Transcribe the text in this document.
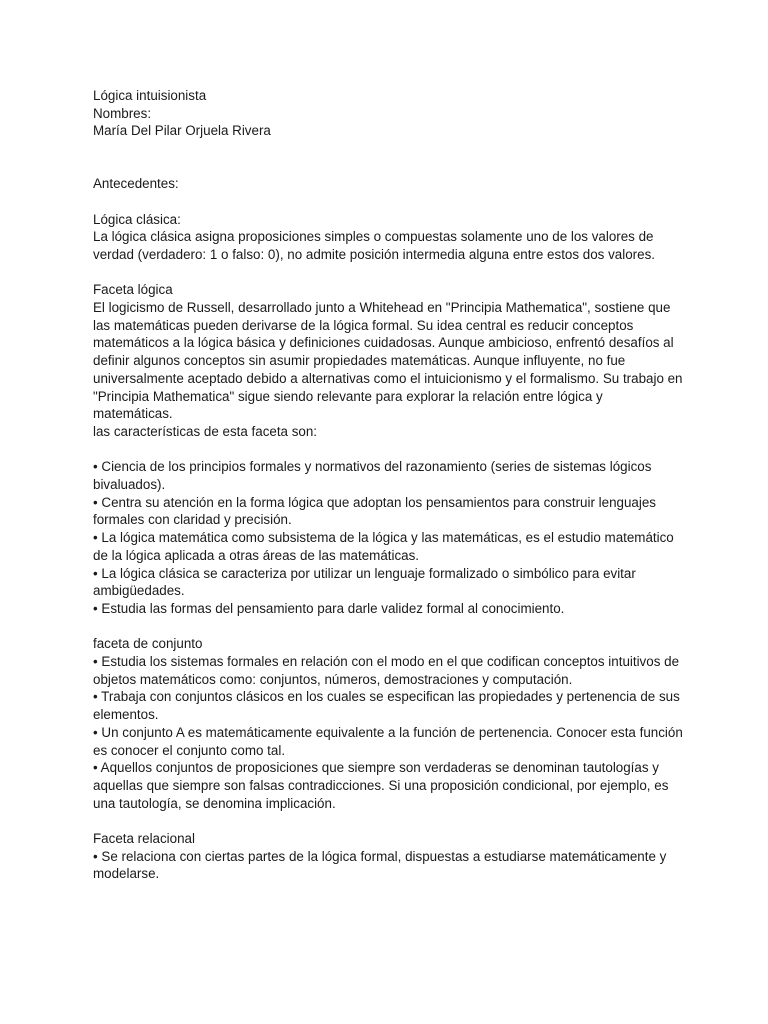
Lógica intuisionista

Nombres:

María Del Pilar Orjuela Rivera

Antecedentes:

Lógica clásica:

La lógica clásica asigna proposiciones simples o compuestas solamente uno de los valores de verdad (verdadero: 1 o falso: 0), no admite posición intermedia alguna entre estos dos valores.

Faceta lógica

El logicismo de Russell, desarrollado junto a Whitehead en "Principia Mathematica", sostiene que las matemáticas pueden derivarse de la lógica formal. Su idea central es reducir conceptos matemáticos a la lógica básica y definiciones cuidadosas. Aunque ambicioso, enfrentó desafíos al definir algunos conceptos sin asumir propiedades matemáticas. Aunque influyente, no fue universalmente aceptado debido a alternativas como el intuicionismo y el formalismo. Su trabajo en "Principia Mathematica" sigue siendo relevante para explorar la relación entre lógica y matemáticas.

las características de esta faceta son:

• Ciencia de los principios formales y normativos del razonamiento (series de sistemas lógicos bivaluados).

• Centra su atención en la forma lógica que adoptan los pensamientos para construir lenguajes formales con claridad y precisión.

• La lógica matemática como subsistema de la lógica y las matemáticas, es el estudio matemático de la lógica aplicada a otras áreas de las matemáticas.

• La lógica clásica se caracteriza por utilizar un lenguaje formalizado o simbólico para evitar ambigüedades.

• Estudia las formas del pensamiento para darle validez formal al conocimiento.

faceta de conjunto

• Estudia los sistemas formales en relación con el modo en el que codifican conceptos intuitivos de objetos matemáticos como: conjuntos, números, demostraciones y computación.

• Trabaja con conjuntos clásicos en los cuales se especifican las propiedades y pertenencia de sus elementos.

• Un conjunto A es matemáticamente equivalente a la función de pertenencia. Conocer esta función es conocer el conjunto como tal.

• Aquellos conjuntos de proposiciones que siempre son verdaderas se denominan tautologías y aquellas que siempre son falsas contradicciones. Si una proposición condicional, por ejemplo, es una tautología, se denomina implicación.

Faceta relacional

• Se relaciona con ciertas partes de la lógica formal, dispuestas a estudiarse matemáticamente y modelarse.
